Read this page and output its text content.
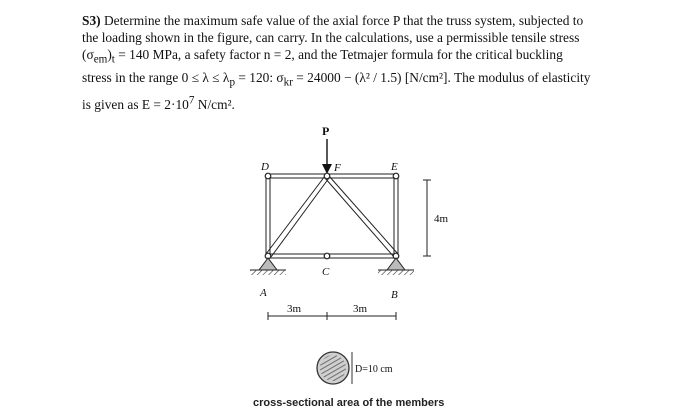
S3) Determine the maximum safe value of the axial force P that the truss system, subjected to
the loading shown in the figure, can carry. In the calculations, use a permissible tensile stress
$(\sigma_{em})_t = 140$ MPa, a safety factor n = 2, and the Tetmajer formula for the critical buckling
stress in the range $0 \le \lambda \le \lambda_p = 120$: $\sigma_{kr} = 24000 - (\lambda^2 / 1.5)$ [N/cm²]. The modulus of elasticity
is given as $E = 2\cdot 10^7$ N/cm².
P
D	F	E
A
C
B
4m
3m	3m
D=10 cm
cross-sectional area of the members
